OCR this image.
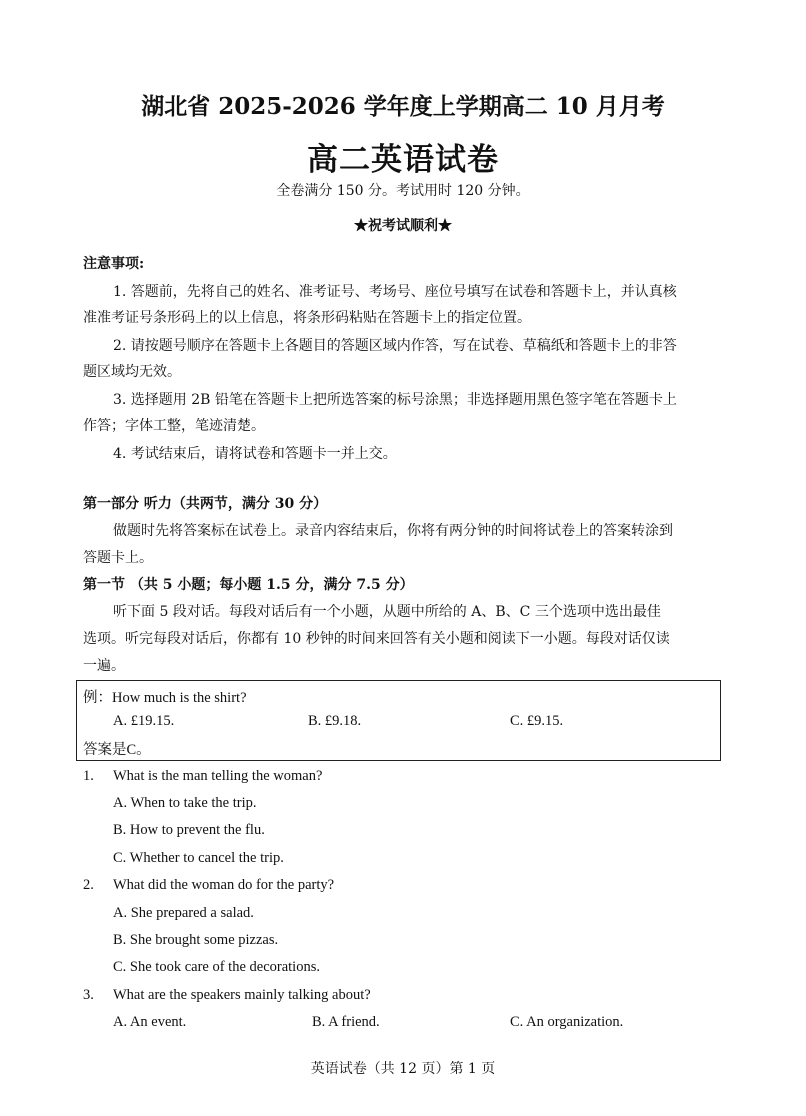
湖北省 2025-2026 学年度上学期高二 10 月月考
高二英语试卷
全卷满分 150 分。考试用时 120 分钟。
★祝考试顺利★
注意事项:
1. 答题前，先将自己的姓名、准考证号、考场号、座位号填写在试卷和答题卡上，并认真核
准准考证号条形码上的以上信息，将条形码粘贴在答题卡上的指定位置。
2. 请按题号顺序在答题卡上各题目的答题区域内作答，写在试卷、草稿纸和答题卡上的非答
题区域均无效。
3. 选择题用 2B 铅笔在答题卡上把所选答案的标号涂黑；非选择题用黑色签字笔在答题卡上
作答；字体工整，笔迹清楚。
4. 考试结束后，请将试卷和答题卡一并上交。
第一部分 听力（共两节，满分 30 分）
做题时先将答案标在试卷上。录音内容结束后，你将有两分钟的时间将试卷上的答案转涂到
答题卡上。
第一节 （共 5 小题；每小题 1.5 分，满分 7.5 分）
听下面 5 段对话。每段对话后有一个小题，从题中所给的 A、B、C 三个选项中选出最佳
选项。听完每段对话后，你都有 10 秒钟的时间来回答有关小题和阅读下一小题。每段对话仅读
一遍。
例：How much is the shirt?
A. £19.15.	B. £9.18.	C. £9.15.
答案是C。
1. What is the man telling the woman?
A. When to take the trip.
B. How to prevent the flu.
C. Whether to cancel the trip.
2. What did the woman do for the party?
A. She prepared a salad.
B. She brought some pizzas.
C. She took care of the decorations.
3. What are the speakers mainly talking about?
A. An event.	B. A friend.	C. An organization.
英语试卷（共 12 页）第 1 页
